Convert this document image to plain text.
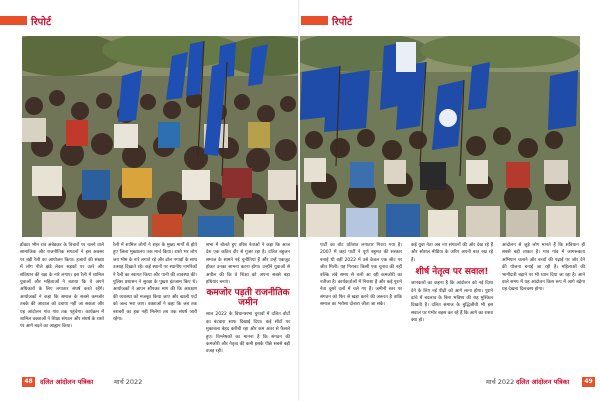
रिपोर्ट

डॉक्टर भीम राव अंबेडकर के विचारों पर चलने वाले सामाजिक और राजनीतिक संगठनों ने इस अवसर पर बड़ी रैली का आयोजन किया। हजारों की संख्या में लोग नीले झंडे लेकर सड़कों पर उतरे और संविधान की रक्षा के नारे लगाए। इस रैली में शामिल युवाओं और महिलाओं ने बताया कि वे अपने अधिकारों के लिए लगातार संघर्ष करते रहेंगे। आयोजकों ने कहा कि समाज के सबसे कमजोर तबके की आवाज को दबाया नहीं जा सकता और यह आंदोलन गांव गांव तक पहुंचेगा। कार्यक्रम में शामिल वक्ताओं ने शिक्षा संगठन और संघर्ष के रास्ते पर आगे बढ़ने का आह्वान किया।

रैली में शामिल लोगों ने शहर के मुख्य मार्गों से होते हुए जिला मुख्यालय तक मार्च किया। रास्ते भर लोग जय भीम के नारे लगाते रहे और ढोल नगाड़ों के साथ उत्साह दिखाते रहे। कई स्थानों पर स्थानीय नागरिकों ने रैली का स्वागत किया और पानी की व्यवस्था की। पुलिस प्रशासन ने सुरक्षा के पुख्ता इंतजाम किए थे। आयोजकों ने ज्ञापन सौंपकर मांग की कि आरक्षण की व्यवस्था को मजबूत किया जाए और खाली पदों को जल्द भरा जाए। वक्ताओं ने कहा कि जब तक बराबरी का हक नहीं मिलेगा तब तक संघर्ष जारी रहेगा।

सभा में बोलते हुए वरिष्ठ नेताओं ने कहा कि आज देश एक कठिन दौर से गुजर रहा है। दलित बहुजन समाज के सामने नई चुनौतियां हैं और उन्हें एकजुट होकर उनका सामना करना होगा। उन्होंने युवाओं से अपील की कि वे शिक्षा को अपना सबसे बड़ा हथियार बनाएं।

कमजोर पड़ती राजनीतिक जमीन

साल 2022 के विधानसभा चुनावों में दलित वोटों का बंटवारा साफ दिखाई दिया। कई सीटों पर मुकाबला बेहद करीबी रहा और कम अंतर से फैसले हुए। विश्लेषकों का मानना है कि संगठन की कमजोरी और नेतृत्व की कमी इसके पीछे सबसे बड़ी वजह रही।

48	दलित आंदोलन पत्रिका	मार्च 2022
रिपोर्ट

पार्टी का वोट प्रतिशत लगातार गिरता गया है। 2007 में जहां पार्टी ने पूर्ण बहुमत की सरकार बनाई थी वहीं 2022 में उसे केवल एक सीट पर जीत मिली। यह गिरावट किसी एक चुनाव की नहीं बल्कि लंबे समय से चली आ रही कमजोरी का नतीजा है। कार्यकर्ताओं में निराशा है और कई पुराने नेता दूसरे दलों में चले गए हैं। जमीनी स्तर पर संगठन को फिर से खड़ा करने की जरूरत है ताकि समाज का भरोसा दोबारा जीता जा सके।

कई युवा नेता अब नए संगठनों की ओर देख रहे हैं और सोशल मीडिया के जरिए अपनी बात रख रहे हैं।

शीर्ष नेतृत्व पर सवाल!

जानकारों का कहना है कि आंदोलन को नई दिशा देने के लिए नई पीढ़ी को आगे लाना होगा। पुराने ढांचे में बदलाव के बिना भविष्य की राह मुश्किल दिखती है। दलित समाज के बुद्धिजीवी भी इस सवाल पर गंभीर बहस कर रहे हैं कि आगे का रास्ता क्या हो।

आंदोलन से जुड़े लोग मानते हैं कि संविधान ही सबसे बड़ी ताकत है। गांव गांव में जागरूकता अभियान चलाने और बच्चों की पढ़ाई पर जोर देने की योजना बनाई जा रही है। महिलाओं की भागीदारी बढ़ाने पर भी ध्यान दिया जा रहा है। आने वाले समय में यह आंदोलन किस रूप में आगे बढ़ेगा यह देखना दिलचस्प होगा।

मार्च 2022 दलित आंदोलन पत्रिका	49
